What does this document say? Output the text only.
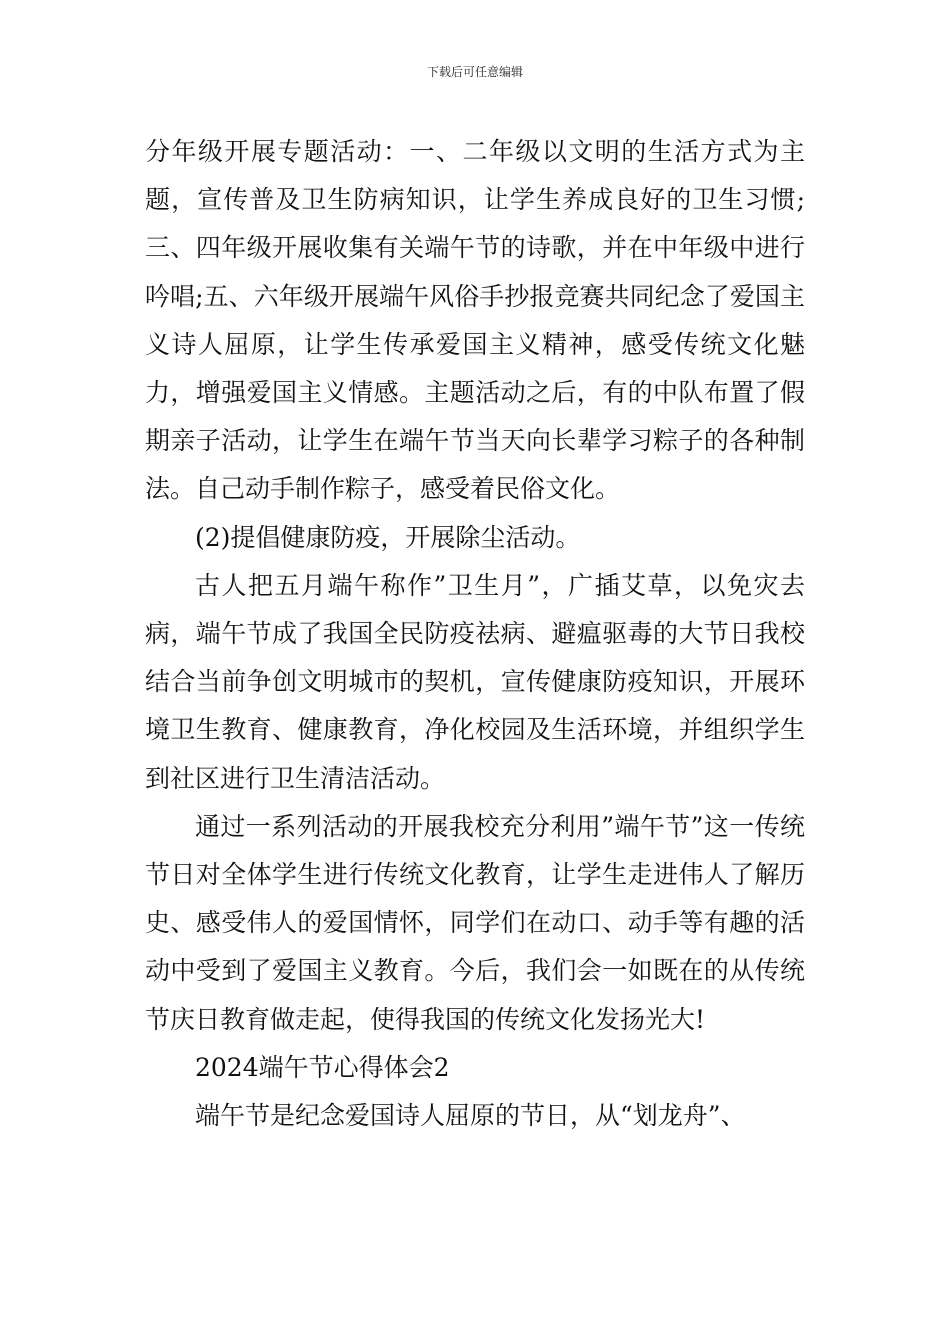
下载后可任意编辑

分年级开展专题活动：一、二年级以文明的生活方式为主题，宣传普及卫生防病知识，让学生养成良好的卫生习惯;三、四年级开展收集有关端午节的诗歌，并在中年级中进行吟唱;五、六年级开展端午风俗手抄报竞赛共同纪念了爱国主义诗人屈原，让学生传承爱国主义精神，感受传统文化魅力，增强爱国主义情感。主题活动之后，有的中队布置了假期亲子活动，让学生在端午节当天向长辈学习粽子的各种制法。自己动手制作粽子，感受着民俗文化。

(2)提倡健康防疫，开展除尘活动。

古人把五月端午称作”卫生月”，广插艾草，以免灾去病，端午节成了我国全民防疫祛病、避瘟驱毒的大节日我校结合当前争创文明城市的契机，宣传健康防疫知识，开展环境卫生教育、健康教育，净化校园及生活环境，并组织学生到社区进行卫生清洁活动。

通过一系列活动的开展我校充分利用”端午节”这一传统节日对全体学生进行传统文化教育，让学生走进伟人了解历史、感受伟人的爱国情怀，同学们在动口、动手等有趣的活动中受到了爱国主义教育。今后，我们会一如既在的从传统节庆日教育做走起，使得我国的传统文化发扬光大!

2024端午节心得体会2

端午节是纪念爱国诗人屈原的节日，从“划龙舟”、
